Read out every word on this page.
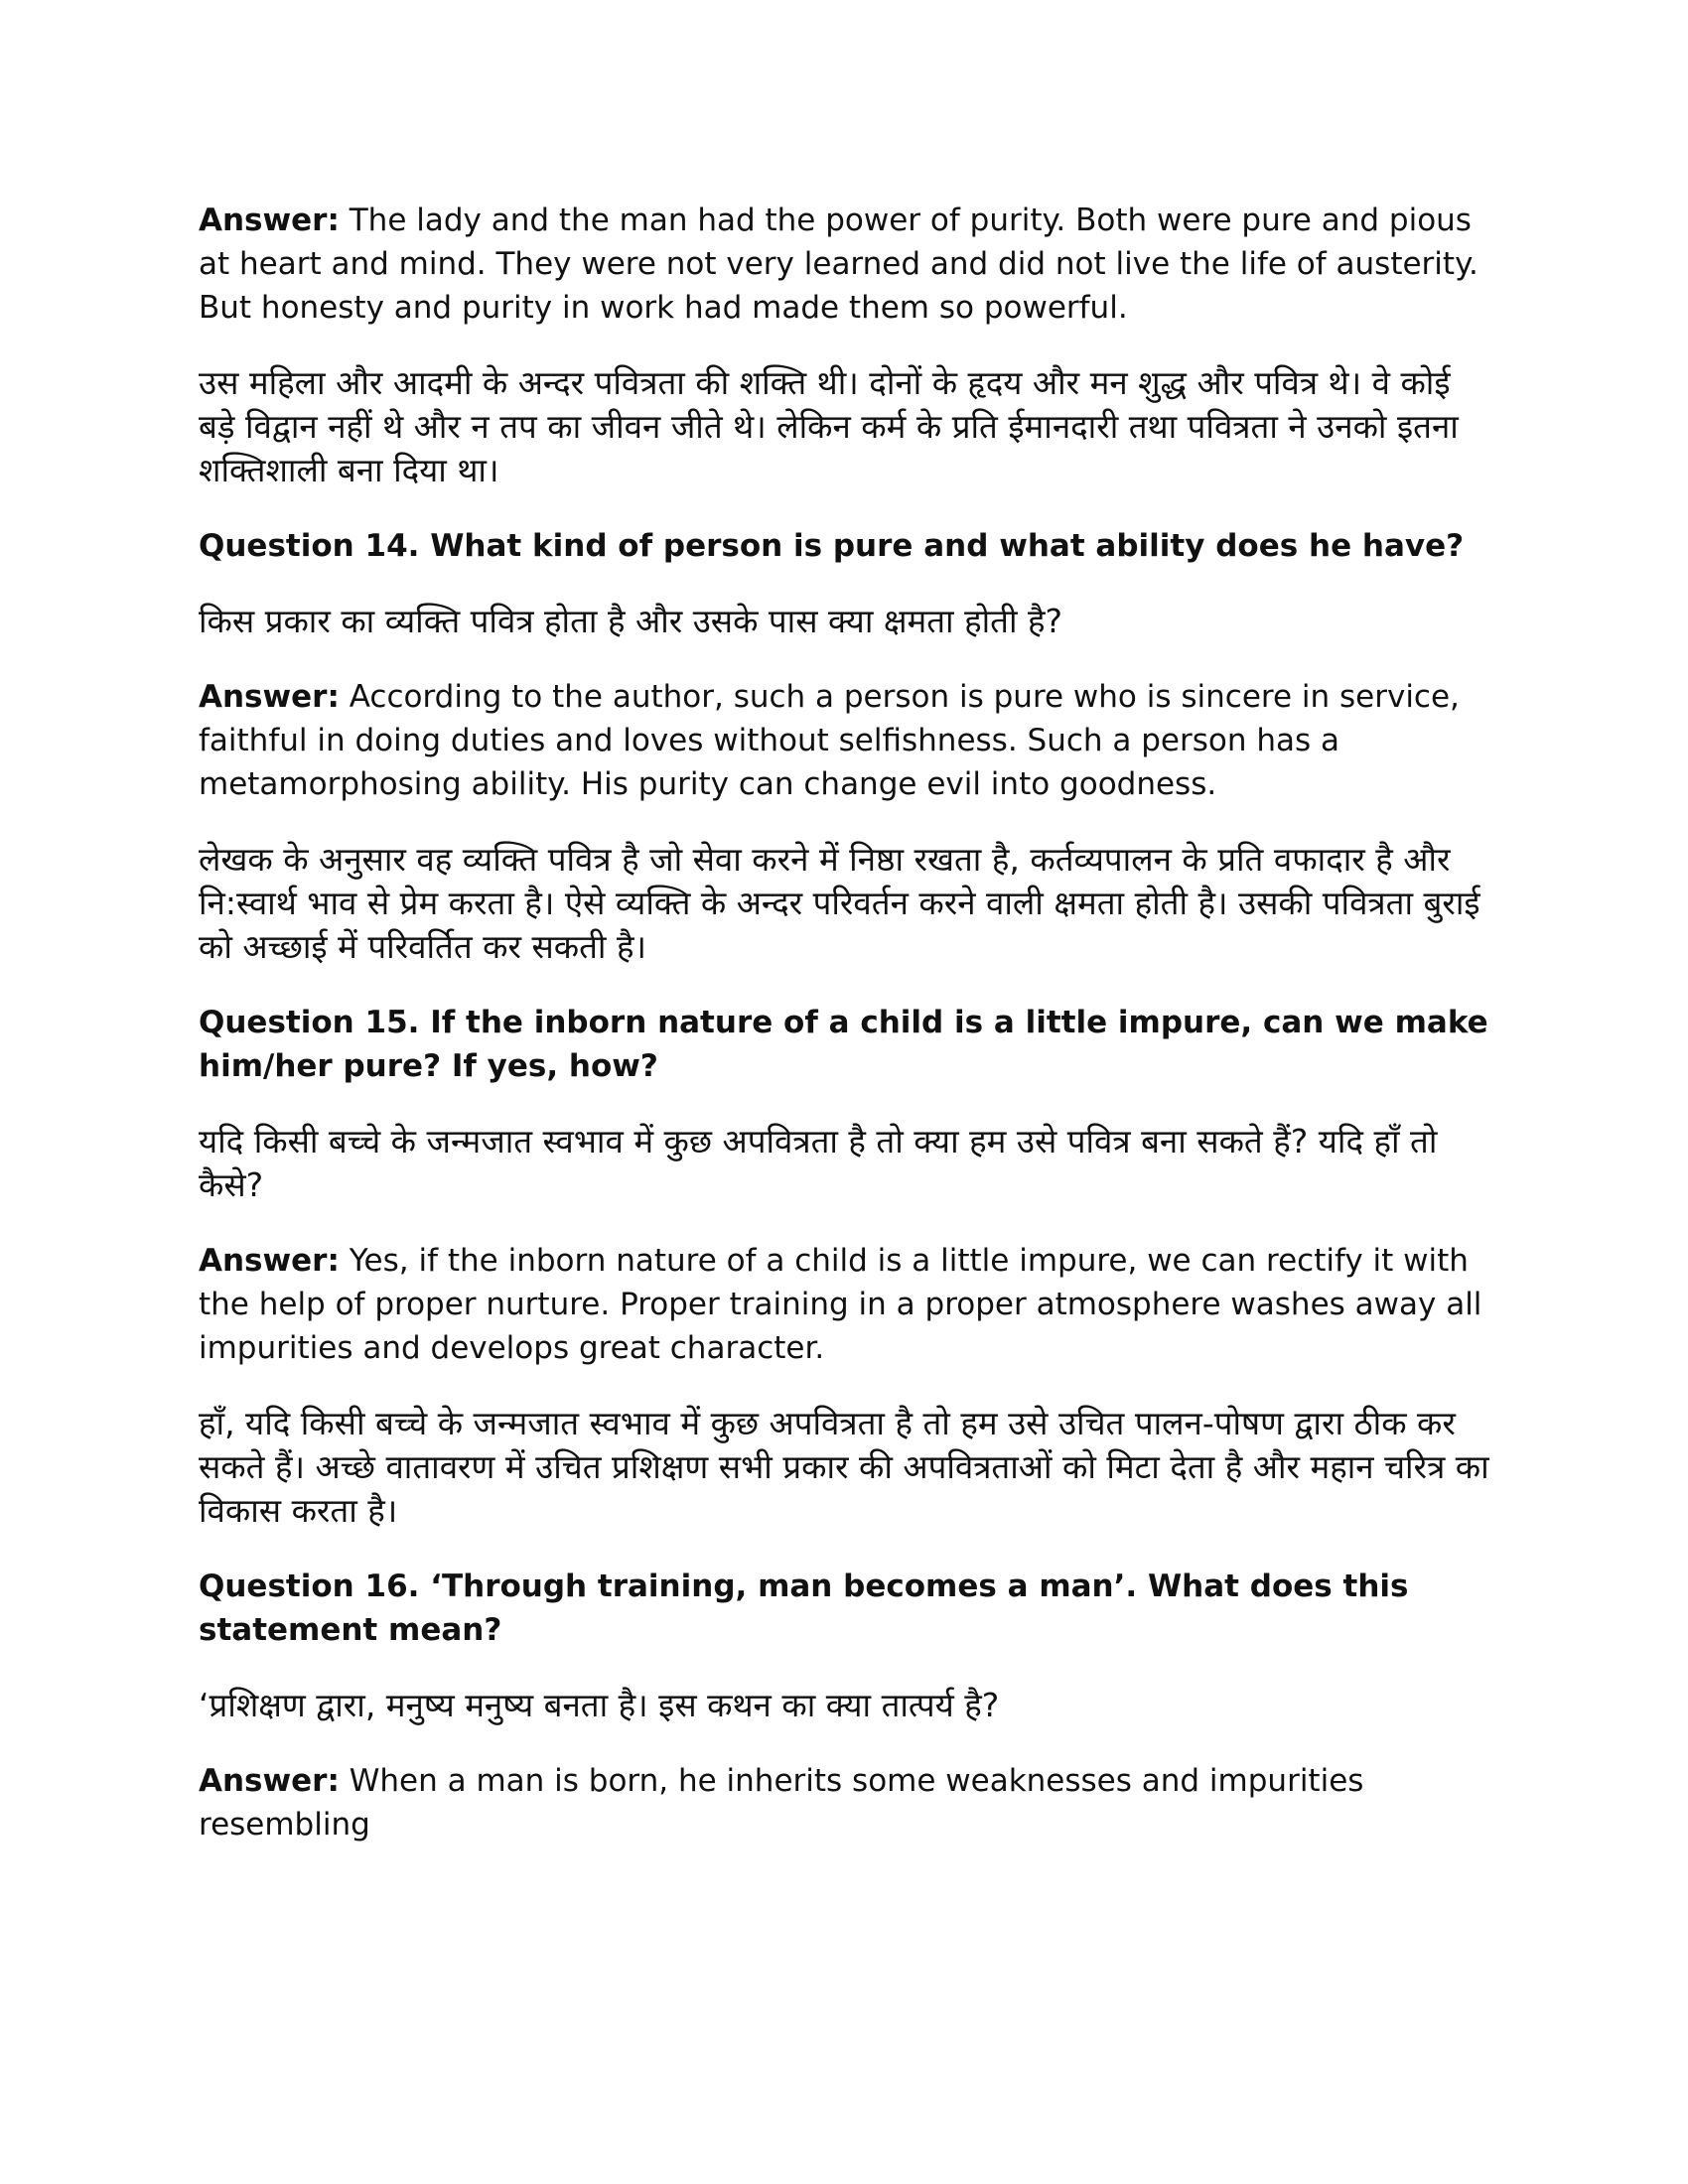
Answer: The lady and the man had the power of purity. Both were pure and pious at heart and mind. They were not very learned and did not live the life of austerity. But honesty and purity in work had made them so powerful.

उस महिला और आदमी के अन्दर पवित्रता की शक्ति थी। दोनों के हृदय और मन शुद्ध और पवित्र थे। वे कोई बड़े विद्वान नहीं थे और न तप का जीवन जीते थे। लेकिन कर्म के प्रति ईमानदारी तथा पवित्रता ने उनको इतना शक्तिशाली बना दिया था।

Question 14. What kind of person is pure and what ability does he have?

किस प्रकार का व्यक्ति पवित्र होता है और उसके पास क्या क्षमता होती है?

Answer: According to the author, such a person is pure who is sincere in service, faithful in doing duties and loves without selfishness. Such a person has a metamorphosing ability. His purity can change evil into goodness.

लेखक के अनुसार वह व्यक्ति पवित्र है जो सेवा करने में निष्ठा रखता है, कर्तव्यपालन के प्रति वफादार है और नि:स्वार्थ भाव से प्रेम करता है। ऐसे व्यक्ति के अन्दर परिवर्तन करने वाली क्षमता होती है। उसकी पवित्रता बुराई को अच्छाई में परिवर्तित कर सकती है।

Question 15. If the inborn nature of a child is a little impure, can we make him/her pure? If yes, how?

यदि किसी बच्चे के जन्मजात स्वभाव में कुछ अपवित्रता है तो क्या हम उसे पवित्र बना सकते हैं? यदि हाँ तो कैसे?

Answer: Yes, if the inborn nature of a child is a little impure, we can rectify it with the help of proper nurture. Proper training in a proper atmosphere washes away all impurities and develops great character.

हाँ, यदि किसी बच्चे के जन्मजात स्वभाव में कुछ अपवित्रता है तो हम उसे उचित पालन-पोषण द्वारा ठीक कर सकते हैं। अच्छे वातावरण में उचित प्रशिक्षण सभी प्रकार की अपवित्रताओं को मिटा देता है और महान चरित्र का विकास करता है।

Question 16. ‘Through training, man becomes a man’. What does this statement mean?

‘प्रशिक्षण द्वारा, मनुष्य मनुष्य बनता है। इस कथन का क्या तात्पर्य है?

Answer: When a man is born, he inherits some weaknesses and impurities resembling
